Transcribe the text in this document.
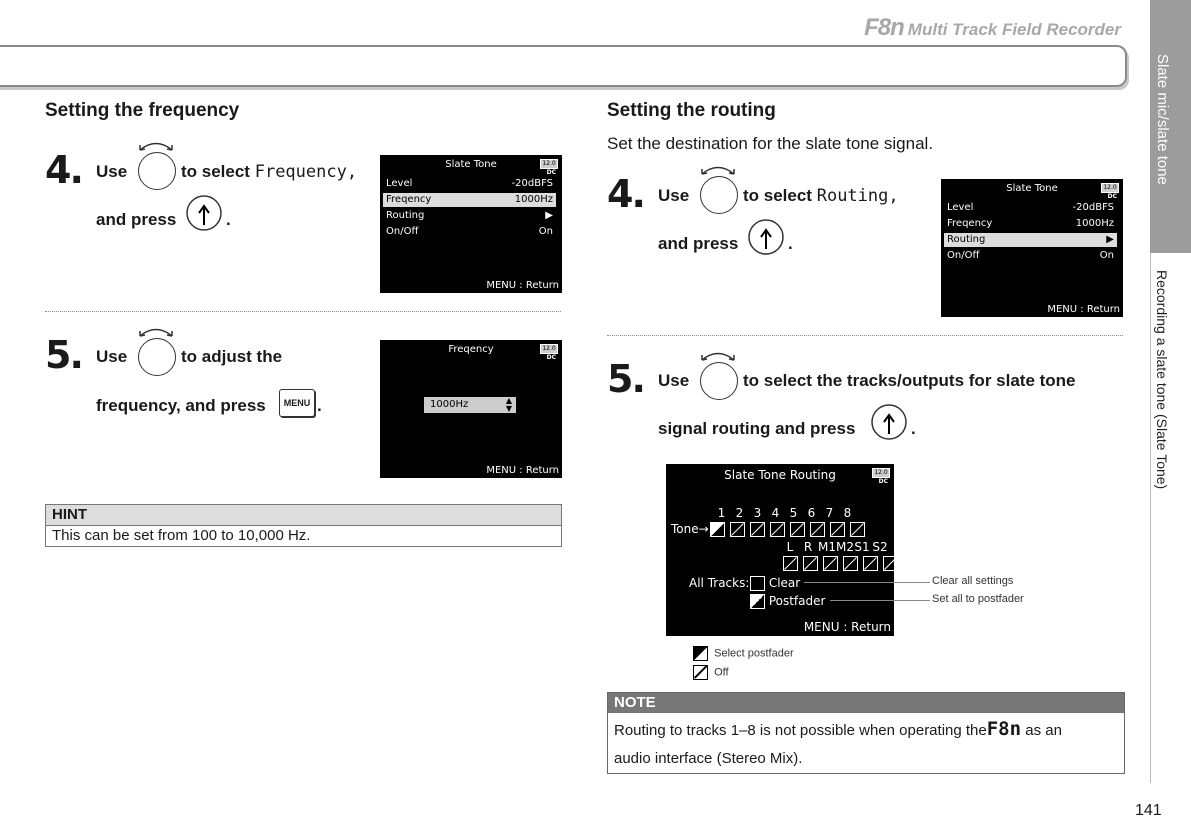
F8n Multi Track Field Recorder
Slate mic/slate tone
Recording a slate tone (Slate Tone)
Setting the frequency
4. Use	to select Frequency,
and press	.
Slate Tone	12.0
DC
Level	-20dBFS
Freqency	1000Hz
Routing	▶
On/Off	On
MENU : Return
5. Use	to adjust the
frequency, and press	MENU .
Freqency	12.0
DC
1000Hz	▲
▼
MENU : Return
HINT
This can be set from 100 to 10,000 Hz.
Setting the routing
Set the destination for the slate tone signal.
4. Use	to select Routing,
and press	.
Slate Tone	12.0
DC
Level	-20dBFS
Freqency	1000Hz
Routing	▶
On/Off	On
MENU : Return
5. Use	to select the tracks/outputs for slate tone
signal routing and press	.
Slate Tone Routing	12.0
DC
1 2 3 4 5 6 7 8
Tone→
L R M1 M2 S1 S2
All Tracks:	Clear
Postfader
MENU : Return
Clear all settings
Set all to postfader
Select postfader
Off
NOTE
Routing to tracks 1–8 is not possible when operating theF8n as an
audio interface (Stereo Mix).
141
